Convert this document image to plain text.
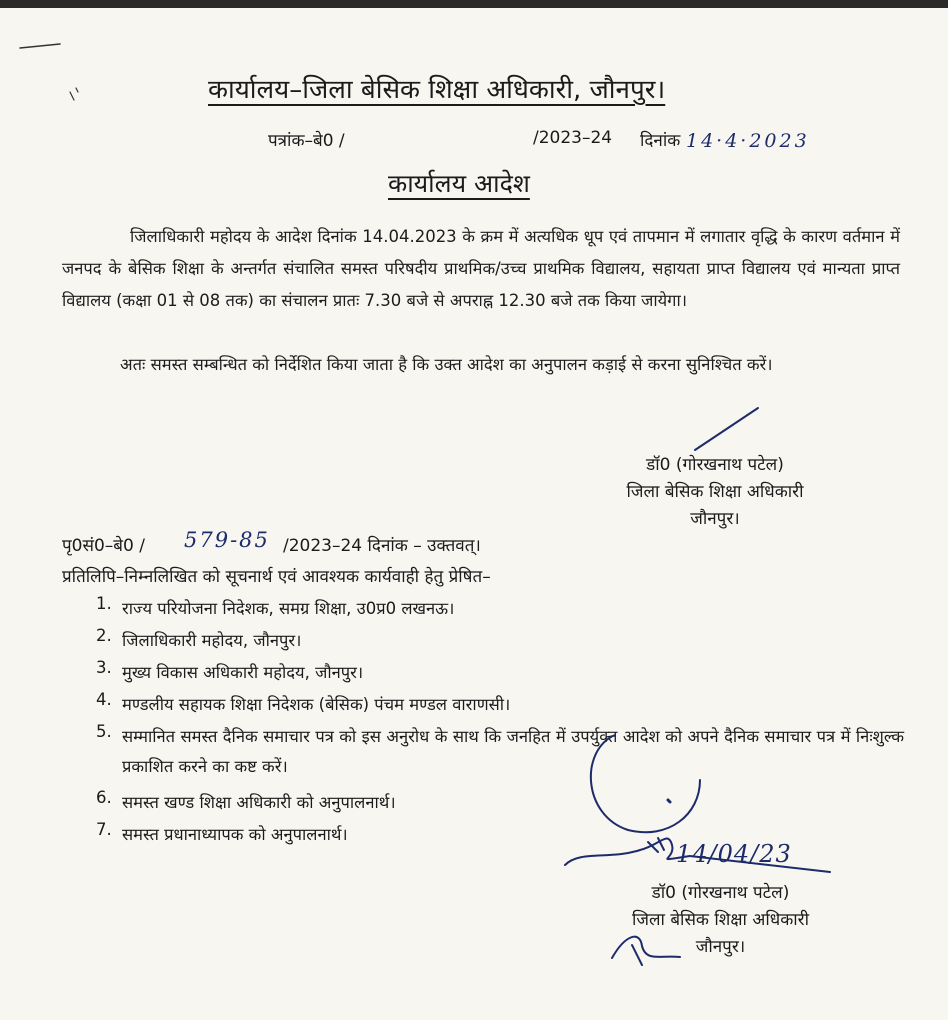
कार्यालय–जिला बेसिक शिक्षा अधिकारी, जौनपुर।
पत्रांक–बे0 /	/2023–24 दिनांक 14·4·2023
कार्यालय आदेश
जिलाधिकारी महोदय के आदेश दिनांक 14.04.2023 के क्रम में अत्यधिक धूप एवं तापमान में लगातार वृद्धि के कारण वर्तमान में जनपद के बेसिक शिक्षा के अन्तर्गत संचालित समस्त परिषदीय प्राथमिक/उच्च प्राथमिक विद्यालय, सहायता प्राप्त विद्यालय एवं मान्यता प्राप्त विद्यालय (कक्षा 01 से 08 तक) का संचालन प्रातः 7.30 बजे से अपराह्न 12.30 बजे तक किया जायेगा।
अतः समस्त सम्बन्धित को निर्देशित किया जाता है कि उक्त आदेश का अनुपालन कड़ाई से करना सुनिश्चित करें।
डॉ0 (गोरखनाथ पटेल)
जिला बेसिक शिक्षा अधिकारी
जौनपुर।
पृ0सं0–बे0 / 579-85 /2023–24 दिनांक – उक्तवत्।
प्रतिलिपि–निम्नलिखित को सूचनार्थ एवं आवश्यक कार्यवाही हेतु प्रेषित–
1. राज्य परियोजना निदेशक, समग्र शिक्षा, उ0प्र0 लखनऊ।
2. जिलाधिकारी महोदय, जौनपुर।
3. मुख्य विकास अधिकारी महोदय, जौनपुर।
4. मण्डलीय सहायक शिक्षा निदेशक (बेसिक) पंचम मण्डल वाराणसी।
5. सम्मानित समस्त दैनिक समाचार पत्र को इस अनुरोध के साथ कि जनहित में उपर्युक्त आदेश को अपने दैनिक समाचार पत्र में निःशुल्क प्रकाशित करने का कष्ट करें।
6. समस्त खण्ड शिक्षा अधिकारी को अनुपालनार्थ।
7. समस्त प्रधानाध्यापक को अनुपालनार्थ।
14/04/23
डॉ0 (गोरखनाथ पटेल)
जिला बेसिक शिक्षा अधिकारी
जौनपुर।
